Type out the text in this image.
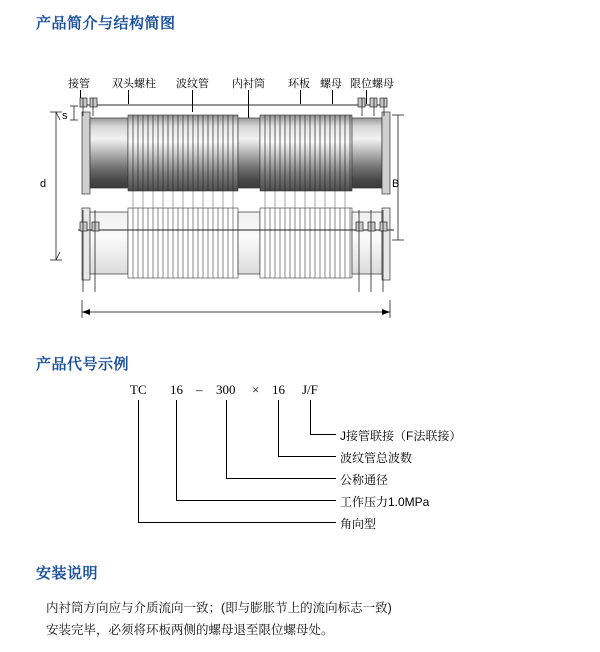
产品简介与结构简图
接管 双头螺柱 波纹管 内衬筒 环板 螺母 限位螺母
s
d	B
产品代号示例
TC 16 – 300 × 16 J/F
J接管联接（F法联接）
波纹管总波数
公称通径
工作压力1.0MPa
角向型
安装说明
内衬筒方向应与介质流向一致；(即与膨胀节上的流向标志一致)
安装完毕，必须将环板两侧的螺母退至限位螺母处。
